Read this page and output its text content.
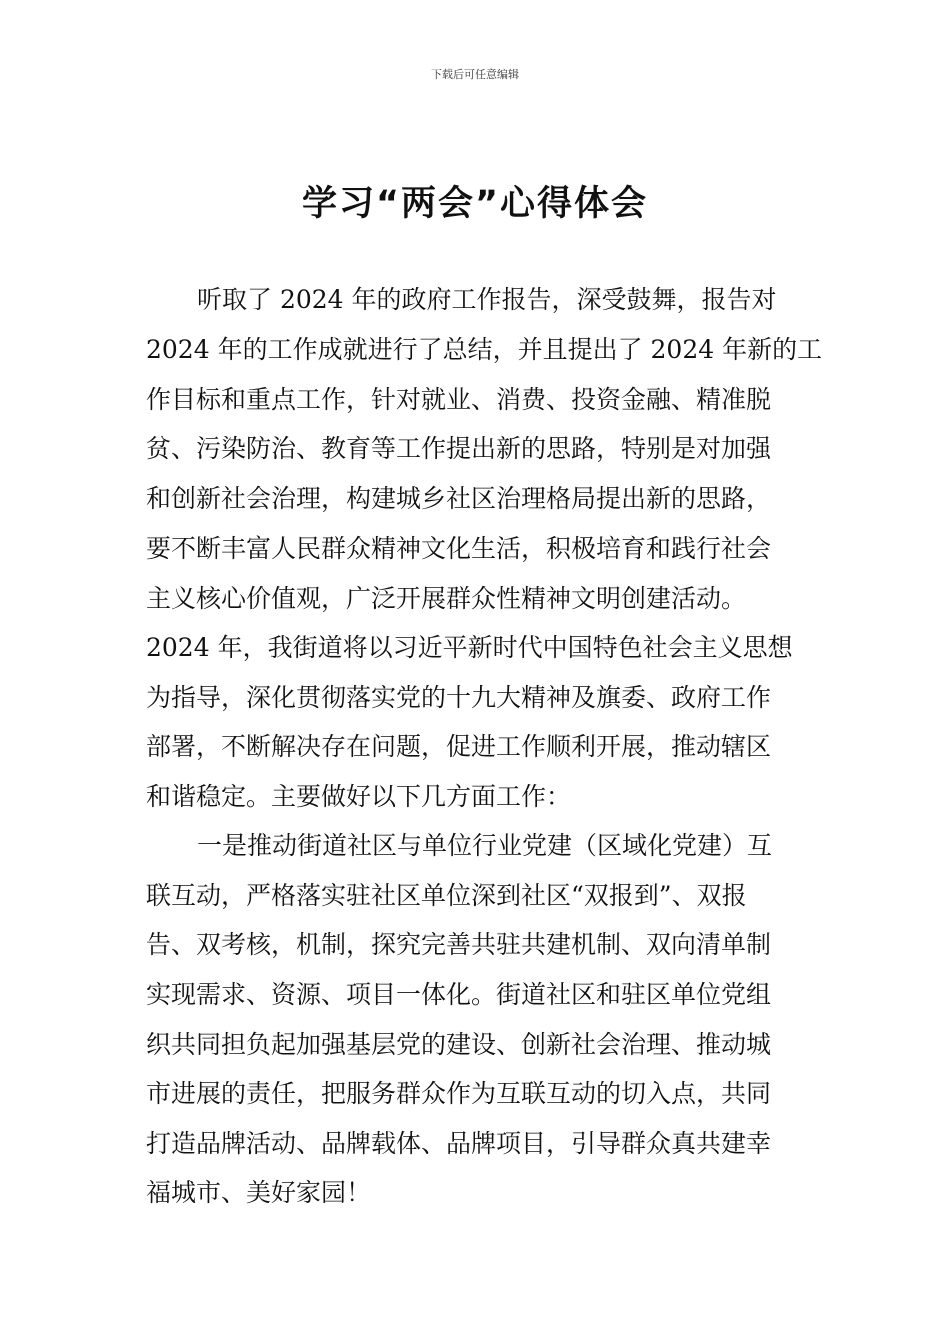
下载后可任意编辑
学习“两会”心得体会
听取了 2024 年的政府工作报告，深受鼓舞，报告对
2024 年的工作成就进行了总结，并且提出了 2024 年新的工
作目标和重点工作，针对就业、消费、投资金融、精准脱
贫、污染防治、教育等工作提出新的思路，特别是对加强
和创新社会治理，构建城乡社区治理格局提出新的思路，
要不断丰富人民群众精神文化生活，积极培育和践行社会
主义核心价值观，广泛开展群众性精神文明创建活动。
2024 年，我街道将以习近平新时代中国特色社会主义思想
为指导，深化贯彻落实党的十九大精神及旗委、政府工作
部署，不断解决存在问题，促进工作顺利开展，推动辖区
和谐稳定。主要做好以下几方面工作：
一是推动街道社区与单位行业党建（区域化党建）互
联互动，严格落实驻社区单位深到社区“双报到”、双报
告、双考核，机制，探究完善共驻共建机制、双向清单制
实现需求、资源、项目一体化。街道社区和驻区单位党组
织共同担负起加强基层党的建设、创新社会治理、推动城
市进展的责任，把服务群众作为互联互动的切入点，共同
打造品牌活动、品牌载体、品牌项目，引导群众真共建幸
福城市、美好家园！
